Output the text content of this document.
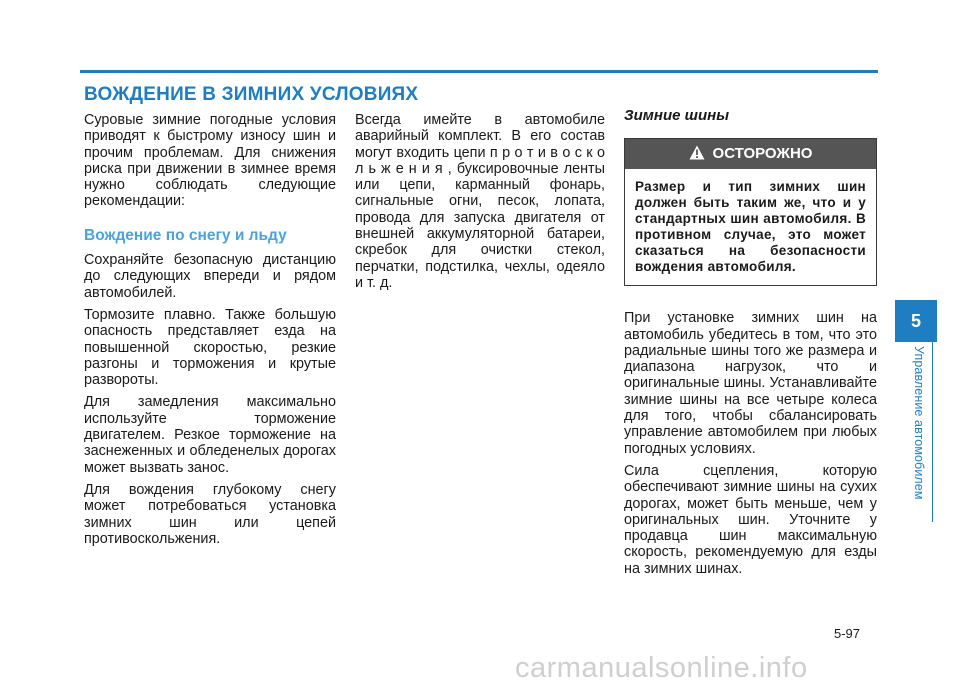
ВОЖДЕНИЕ В ЗИМНИХ УСЛОВИЯХ

Суровые зимние погодные условия приводят к быстрому износу шин и прочим проблемам. Для снижения риска при движении в зимнее время нужно соблюдать следующие рекомендации:

Вождение по снегу и льду

Сохраняйте безопасную дистанцию до следующих впереди и рядом автомобилей.

Тормозите плавно. Также большую опасность представляет езда на повышенной скоростью, резкие разгоны и торможения и крутые развороты.

Для замедления максимально используйте торможение двигателем. Резкое торможение на заснеженных и обледенелых дорогах может вызвать занос.

Для вождения глубокому снегу может потребоваться установка зимних шин или цепей противоскольжения.

Всегда имейте в автомобиле аварийный комплект. В его состав могут входить цепи п р о т и в о с к о л ь ж е н и я , буксировочные ленты или цепи, карманный фонарь, сигнальные огни, песок, лопата, провода для запуска двигателя от внешней аккумуляторной батареи, скребок для очистки стекол, перчатки, подстилка, чехлы, одеяло и т. д.

Зимние шины
ОСТОРОЖНО
Размер и тип зимних шин должен быть таким же, что и у стандартных шин автомобиля. В противном случае, это может сказаться на безопасности вождения автомобиля.

При установке зимних шин на автомобиль убедитесь в том, что это радиальные шины того же размера и диапазона нагрузок, что и оригинальные шины. Устанавливайте зимние шины на все четыре колеса для того, чтобы сбалансировать управление автомобилем при любых погодных условиях.

Сила сцепления, которую обеспечивают зимние шины на сухих дорогах, может быть меньше, чем у оригинальных шин. Уточните у продавца шин максимальную скорость, рекомендуемую для езды на зимних шинах.

5
Управление автомобилем
5-97
carmanualsonline.info
